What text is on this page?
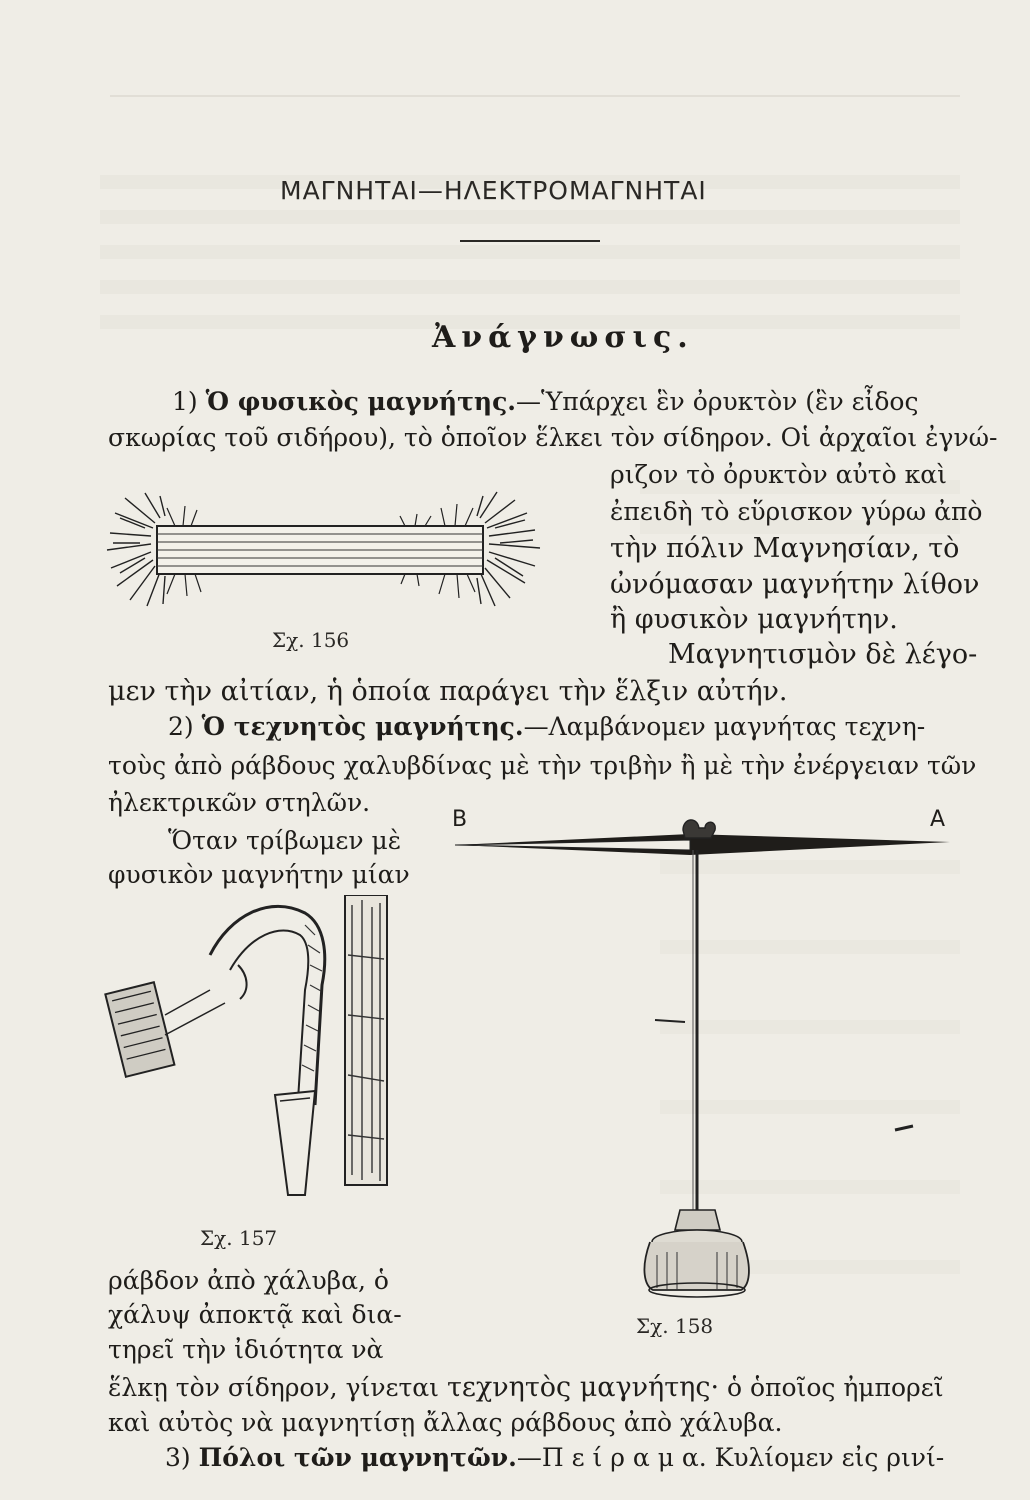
ΜΑΓΝΗΤΑΙ—ΗΛΕΚΤΡΟΜΑΓΝΗΤΑΙ
Ἀνάγνωσις.
1) Ὁ φυσικὸς μαγνήτης.—Ὑπάρχει ἓν ὀρυκτὸν (ἓν εἶδος
σκωρίας τοῦ σιδήρου), τὸ ὁποῖον ἕλκει τὸν σίδηρον. Οἱ ἀρχαῖοι ἐγνώ-
ριζον τὸ ὀρυκτὸν αὐτὸ καὶ
ἐπειδὴ τὸ εὕρισκον γύρω ἀπὸ
τὴν πόλιν Μαγνησίαν, τὸ
ὠνόμασαν μαγνήτην λίθον
ἢ φυσικὸν μαγνήτην.
Μαγνητισμὸν δὲ λέγο-
μεν τὴν αἰτίαν, ἡ ὁποία παράγει τὴν ἕλξιν αὐτήν.
Σχ. 156
2) Ὁ τεχνητὸς μαγνήτης.—Λαμβάνομεν μαγνήτας τεχνη-
τοὺς ἀπὸ ράβδους χαλυβδίνας μὲ τὴν τριβὴν ἢ μὲ τὴν ἐνέργειαν τῶν
ἠλεκτρικῶν στηλῶν.
Ὅταν τρίβωμεν μὲ
φυσικὸν μαγνήτην μίαν
Σχ. 157
ράβδον ἀπὸ χάλυβα, ὁ
χάλυψ ἀποκτᾷ καὶ δια-
τηρεῖ τὴν ἰδιότητα νὰ
B	A
Σχ. 158
ἕλκῃ τὸν σίδηρον, γίνεται τεχνητὸς μαγνήτης· ὁ ὁποῖος ἠμπορεῖ
καὶ αὐτὸς νὰ μαγνητίσῃ ἄλλας ράβδους ἀπὸ χάλυβα.
3) Πόλοι τῶν μαγνητῶν.—Π ε ί ρ α μ α. Κυλίομεν εἰς ρινί-
